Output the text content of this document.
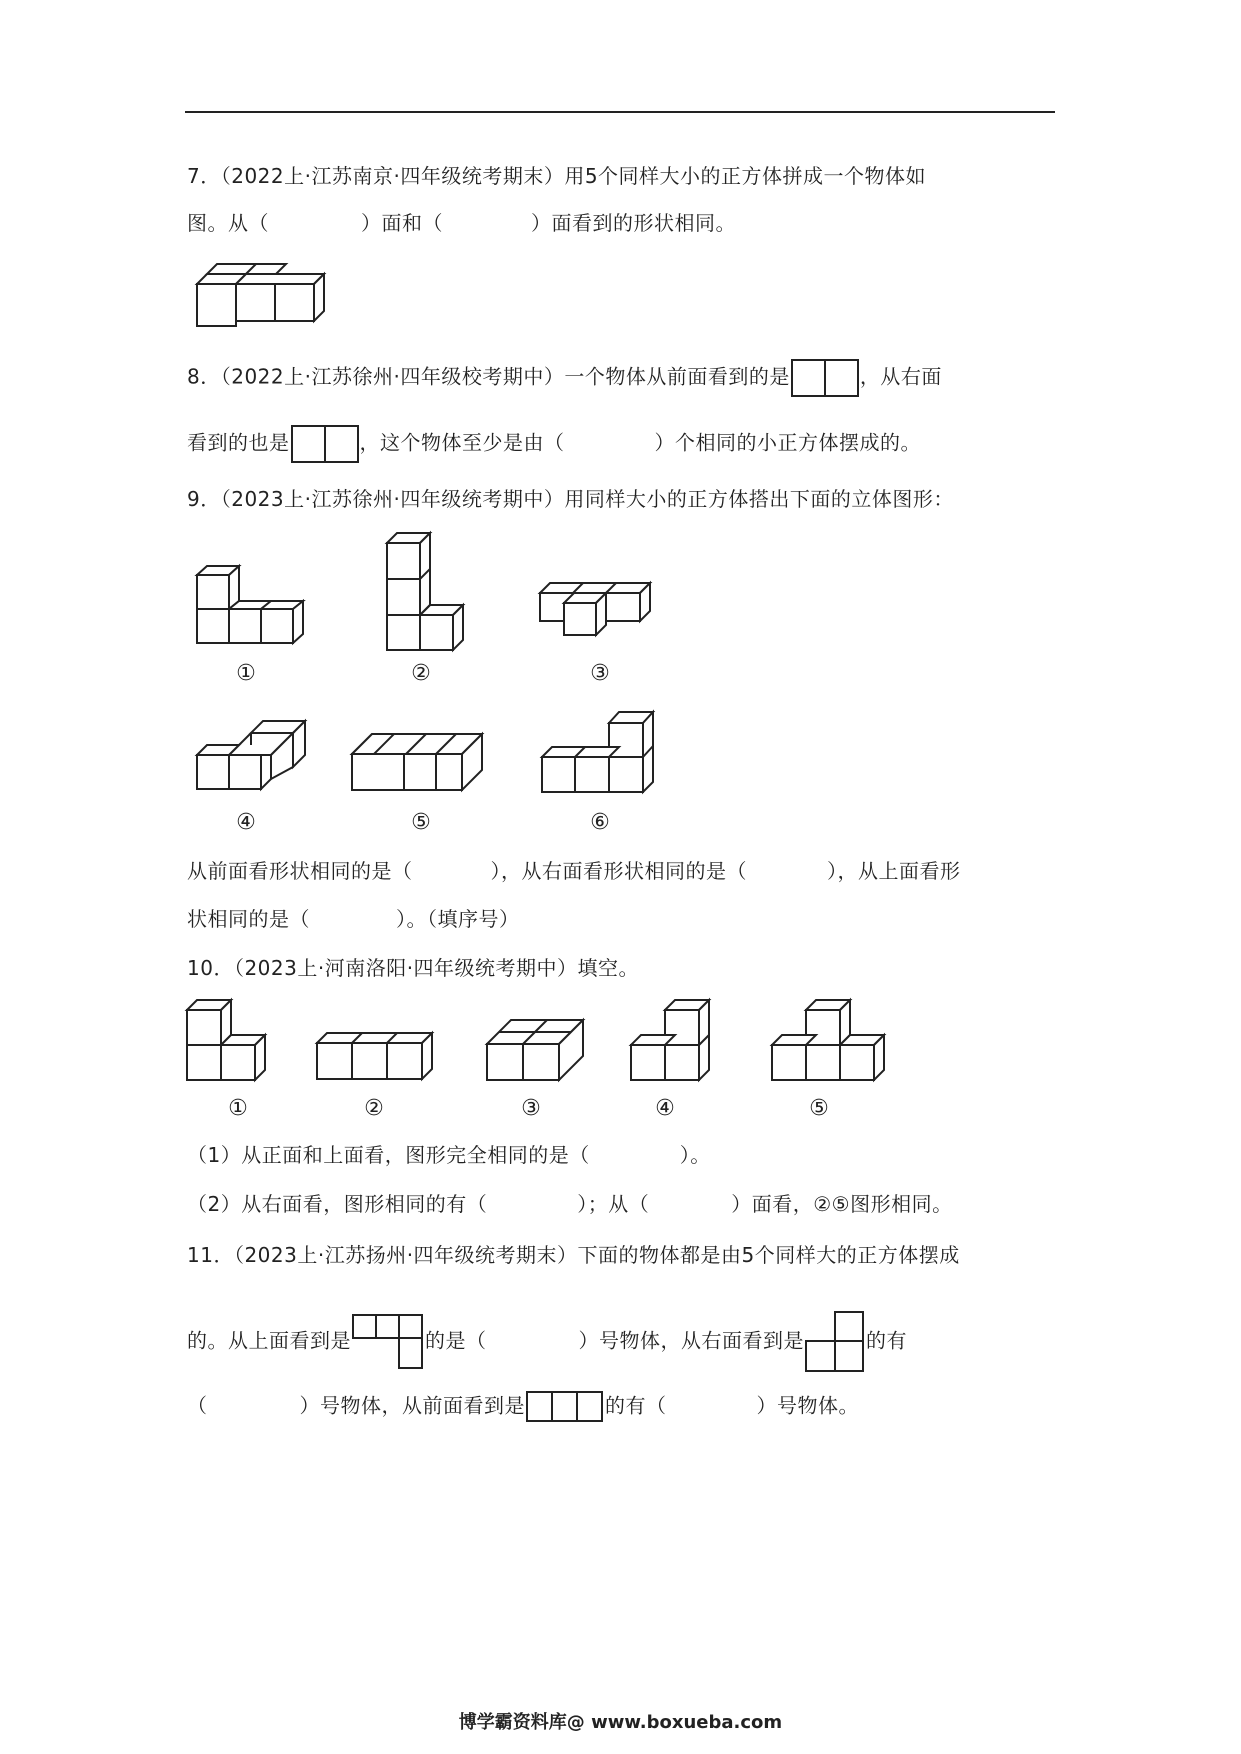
7．（2022上·江苏南京·四年级统考期末）用5个同样大小的正方体拼成一个物体如
图。从（	）面和（	）面看到的形状相同。
8．（2022上·江苏徐州·四年级校考期中）一个物体从前面看到的是	，从右面
看到的也是	，这个物体至少是由（	）个相同的小正方体摆成的。
9．（2023上·江苏徐州·四年级统考期中）用同样大小的正方体搭出下面的立体图形：
①	②	③
④	⑤	⑥
从前面看形状相同的是（	），从右面看形状相同的是（	），从上面看形
状相同的是（	）。（填序号）
10．（2023上·河南洛阳·四年级统考期中）填空。
①	②	③	④	⑤
（1）从正面和上面看，图形完全相同的是（	）。
（2）从右面看，图形相同的有（	）；从（	）面看，②⑤图形相同。
11．（2023上·江苏扬州·四年级统考期末）下面的物体都是由5个同样大的正方体摆成
的。从上面看到是	的是（	）号物体，从右面看到是	的有
（	）号物体，从前面看到是	的有（	）号物体。
博学霸资料库@ www.boxueba.com
